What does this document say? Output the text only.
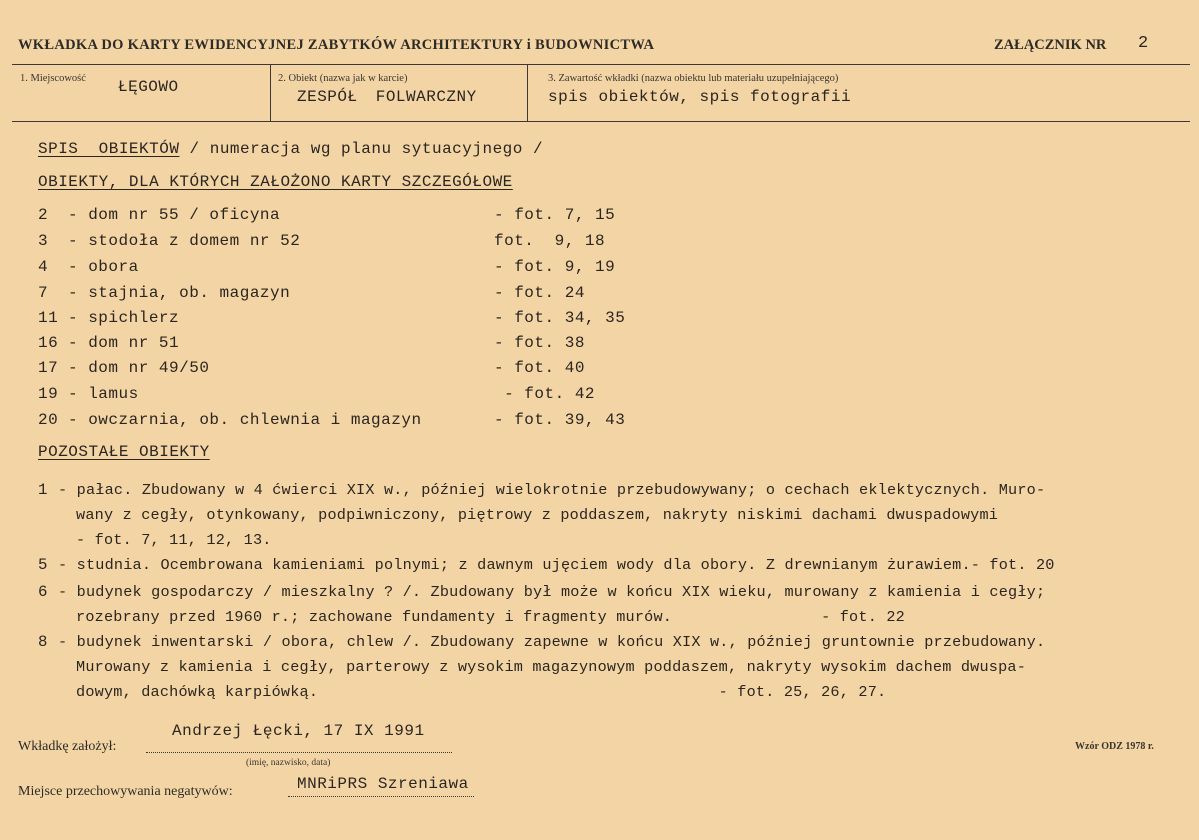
WKŁADKA DO KARTY EWIDENCYJNEJ ZABYTKÓW ARCHITEKTURY i BUDOWNICTWA	ZAŁĄCZNIK NR 2
1. Miejscowość ŁĘGOWO	2. Obiekt (nazwa jak w karcie)
ZESPÓŁ FOLWARCZNY
3. Zawartość wkładki (nazwa obiektu lub materiału uzupełniającego)
spis obiektów, spis fotografii
SPIS  OBIEKTÓW / numeracja wg planu sytuacyjnego /
OBIEKTY, DLA KTÓRYCH ZAŁOŻONO KARTY SZCZEGÓŁOWE
2 - dom nr 55 / oficyna	- fot. 7, 15
3 - stodoła z domem nr 52	fot.  9, 18
4 - obora	- fot. 9, 19
7 - stajnia, ob. magazyn	- fot. 24
11 - spichlerz	- fot. 34, 35
16 - dom nr 51	- fot. 38
17 - dom nr 49/50	- fot. 40
19 - lamus	- fot. 42
20 - owczarnia, ob. chlewnia i magazyn	- fot. 39, 43
POZOSTAŁE OBIEKTY
1 - pałac. Zbudowany w 4 ćwierci XIX w., później wielokrotnie przebudowywany; o cechach eklektycznych. Muro-
wany z cegły, otynkowany, podpiwniczony, piętrowy z poddaszem, nakryty niskimi dachami dwuspadowymi
- fot. 7, 11, 12, 13.
5 - studnia. Ocembrowana kamieniami polnymi; z dawnym ujęciem wody dla obory. Z drewnianym żurawiem.- fot. 20
6 - budynek gospodarczy / mieszkalny ? /. Zbudowany był może w końcu XIX wieku, murowany z kamienia i cegły;
rozebrany przed 1960 r.; zachowane fundamenty i fragmenty murów.                - fot. 22
8 - budynek inwentarski / obora, chlew /. Zbudowany zapewne w końcu XIX w., później gruntownie przebudowany.
Murowany z kamienia i cegły, parterowy z wysokim magazynowym poddaszem, nakryty wysokim dachem dwuspa-
dowym, dachówką karpiówką.                                           - fot. 25, 26, 27.
Wkładkę założył:
Andrzej Łęcki, 17 IX 1991
(imię, nazwisko, data)
Wzór ODZ 1978 r.
Miejsce przechowywania negatywów:	MNRiPRS Szreniawa
